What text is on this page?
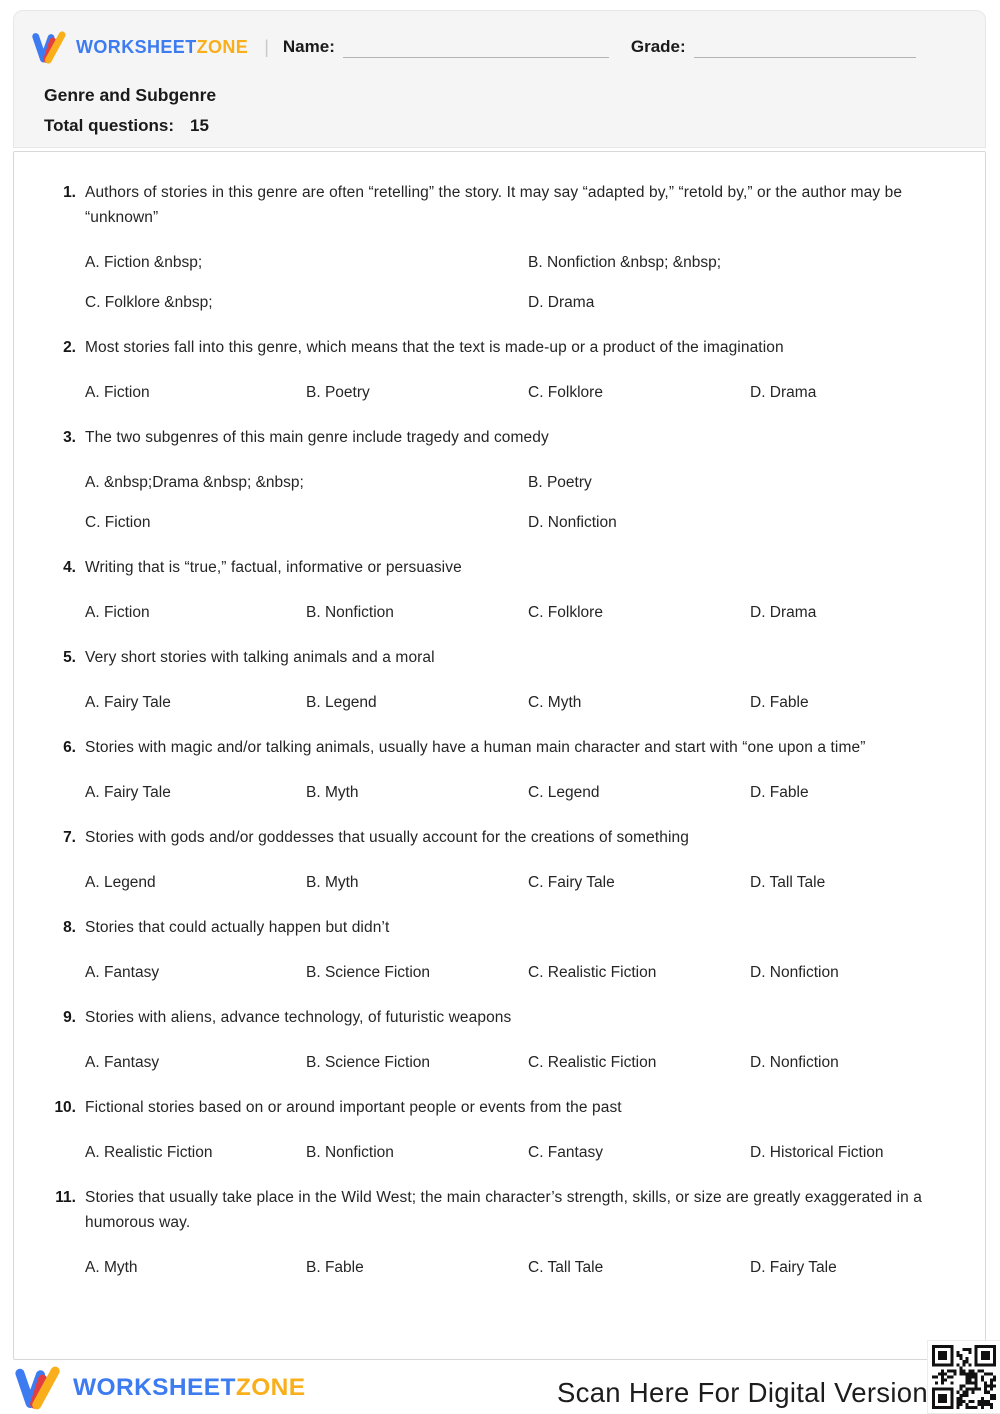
WORKSHEETZONE | Name:	Grade:
Genre and Subgenre
Total questions: 15
1. Authors of stories in this genre are often “retelling” the story. It may say “adapted by,” “retold by,” or the author may be “unknown”
A. Fiction &nbsp;	B. Nonfiction &nbsp; &nbsp;
C. Folklore &nbsp;	D. Drama
2. Most stories fall into this genre, which means that the text is made-up or a product of the imagination
A. Fiction	B. Poetry	C. Folklore	D. Drama
3. The two subgenres of this main genre include tragedy and comedy
A. &nbsp;Drama &nbsp; &nbsp;	B. Poetry
C. Fiction	D. Nonfiction
4. Writing that is “true,” factual, informative or persuasive
A. Fiction	B. Nonfiction	C. Folklore	D. Drama
5. Very short stories with talking animals and a moral
A. Fairy Tale	B. Legend	C. Myth	D. Fable
6. Stories with magic and/or talking animals, usually have a human main character and start with “one upon a time”
A. Fairy Tale	B. Myth	C. Legend	D. Fable
7. Stories with gods and/or goddesses that usually account for the creations of something
A. Legend	B. Myth	C. Fairy Tale	D. Tall Tale
8. Stories that could actually happen but didn’t
A. Fantasy	B. Science Fiction	C. Realistic Fiction	D. Nonfiction
9. Stories with aliens, advance technology, of futuristic weapons
A. Fantasy	B. Science Fiction	C. Realistic Fiction	D. Nonfiction
10. Fictional stories based on or around important people or events from the past
A. Realistic Fiction	B. Nonfiction	C. Fantasy	D. Historical Fiction
11. Stories that usually take place in the Wild West; the main character’s strength, skills, or size are greatly exaggerated in a humorous way.
A. Myth	B. Fable	C. Tall Tale	D. Fairy Tale
WORKSHEETZONE	Scan Here For Digital Version
